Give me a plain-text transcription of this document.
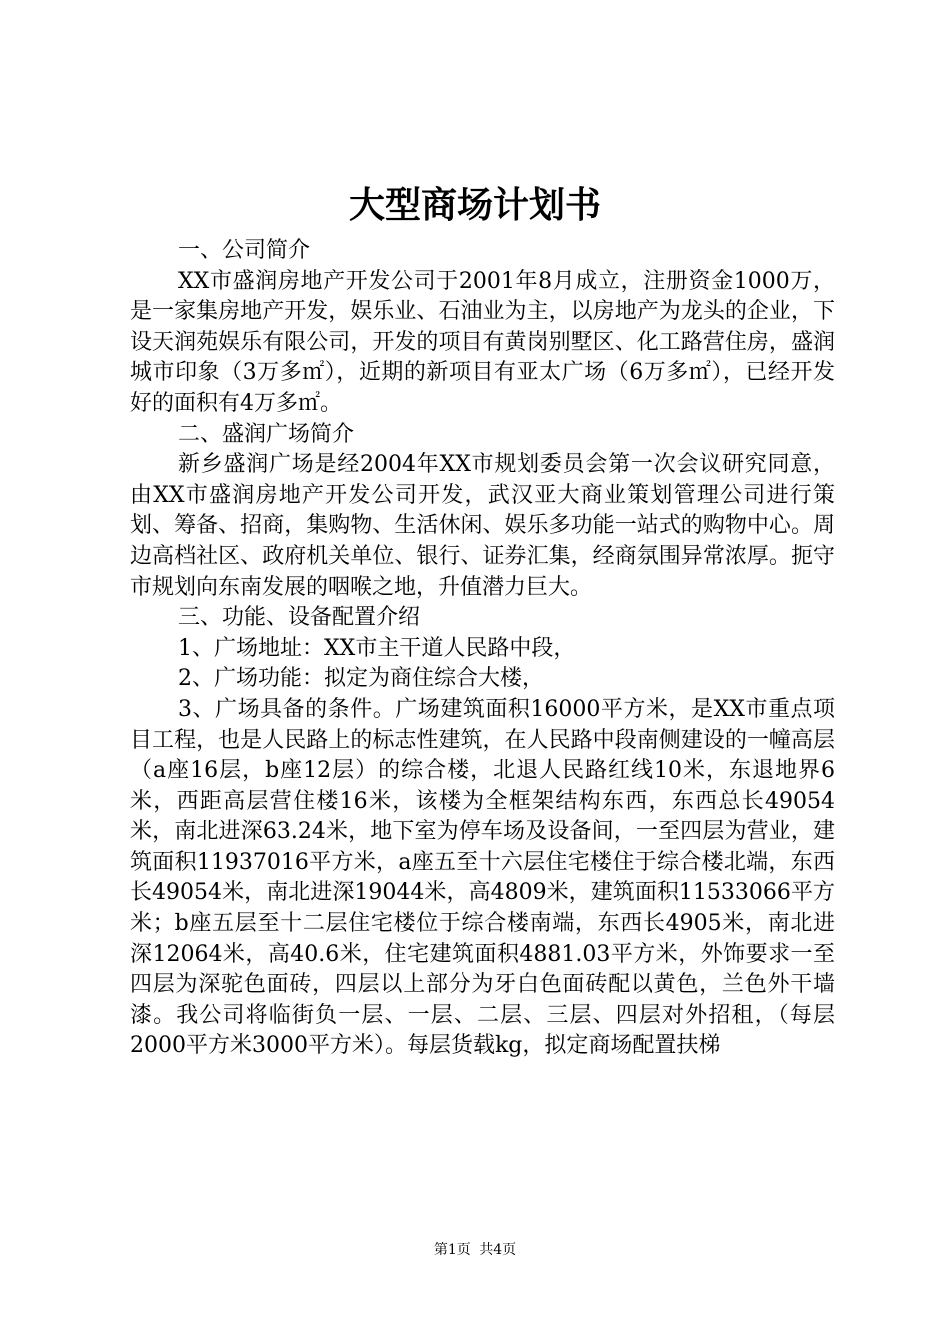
大型商场计划书

一、公司简介

XX市盛润房地产开发公司于2001年8月成立，注册资金1000万，是一家集房地产开发，娱乐业、石油业为主，以房地产为龙头的企业，下设天润苑娱乐有限公司，开发的项目有黄岗别墅区、化工路营住房，盛润城市印象（3万多㎡），近期的新项目有亚太广场（6万多㎡），已经开发好的面积有4万多㎡。

二、盛润广场简介

新乡盛润广场是经2004年XX市规划委员会第一次会议研究同意，由XX市盛润房地产开发公司开发，武汉亚大商业策划管理公司进行策划、筹备、招商，集购物、生活休闲、娱乐多功能一站式的购物中心。周边高档社区、政府机关单位、银行、证券汇集，经商氛围异常浓厚。扼守市规划向东南发展的咽喉之地，升值潜力巨大。

三、功能、设备配置介绍

1、广场地址：XX市主干道人民路中段，

2、广场功能：拟定为商住综合大楼，

3、广场具备的条件。广场建筑面积16000平方米，是XX市重点项目工程，也是人民路上的标志性建筑，在人民路中段南侧建设的一幢高层（a座16层，b座12层）的综合楼，北退人民路红线10米，东退地界6米，西距高层营住楼16米，该楼为全框架结构东西，东西总长49054米，南北进深63.24米，地下室为停车场及设备间，一至四层为营业，建筑面积11937016平方米，a座五至十六层住宅楼住于综合楼北端，东西长49054米，南北进深19044米，高4809米，建筑面积11533066平方米；b座五层至十二层住宅楼位于综合楼南端，东西长4905米，南北进深12064米，高40.6米，住宅建筑面积4881.03平方米，外饰要求一至四层为深驼色面砖，四层以上部分为牙白色面砖配以黄色，兰色外干墙漆。我公司将临街负一层、一层、二层、三层、四层对外招租，（每层2000平方米3000平方米）。每层货载kg，拟定商场配置扶梯

第1页 共4页
